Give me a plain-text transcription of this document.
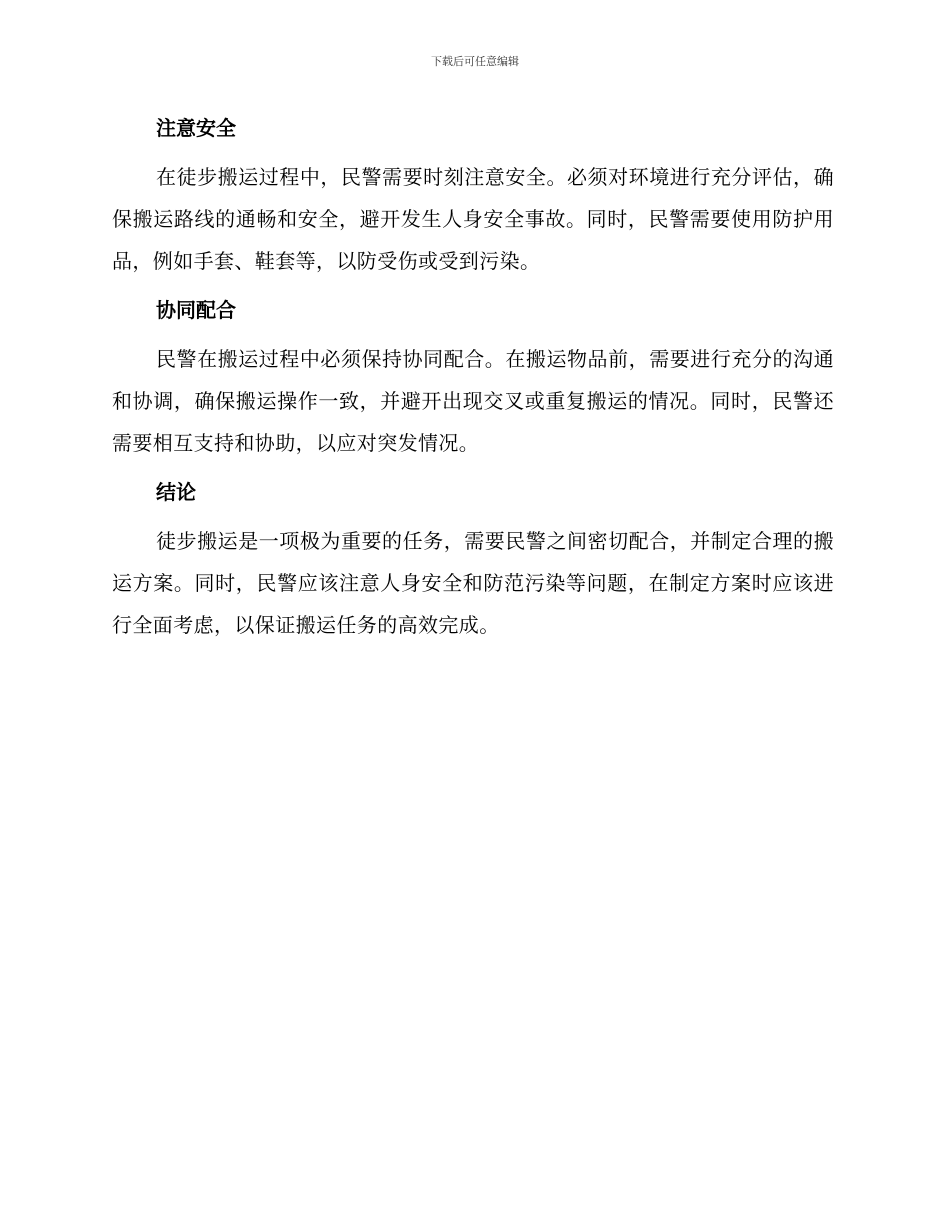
下载后可任意编辑
注意安全

在徒步搬运过程中，民警需要时刻注意安全。必须对环境进行充分评估，确保搬运路线的通畅和安全，避开发生人身安全事故。同时，民警需要使用防护用品，例如手套、鞋套等，以防受伤或受到污染。

协同配合

民警在搬运过程中必须保持协同配合。在搬运物品前，需要进行充分的沟通和协调，确保搬运操作一致，并避开出现交叉或重复搬运的情况。同时，民警还需要相互支持和协助，以应对突发情况。

结论

徒步搬运是一项极为重要的任务，需要民警之间密切配合，并制定合理的搬运方案。同时，民警应该注意人身安全和防范污染等问题，在制定方案时应该进行全面考虑，以保证搬运任务的高效完成。
